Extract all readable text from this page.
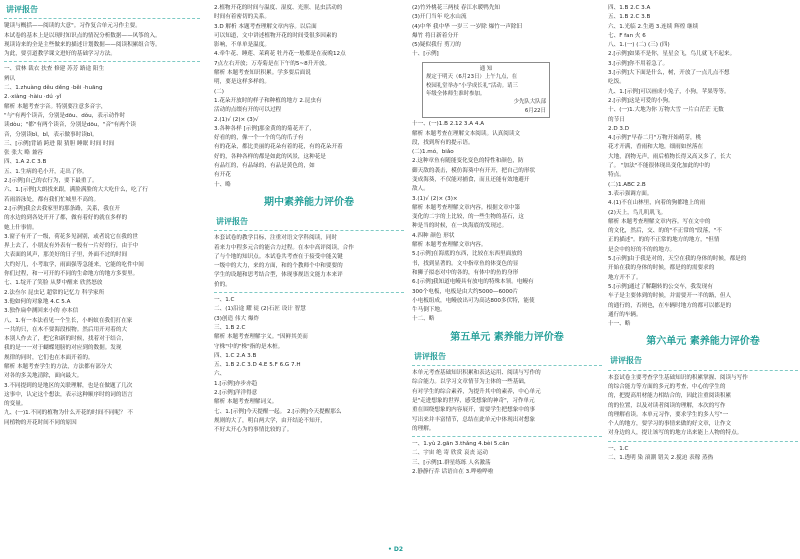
讲评报告
键读与概括——阅读的大意"。习作复合单元习作主要。
本试卷的基本上是以现时知识点的情况分析数据——风筝的入。
现读诗来的全是主些做来的描述计划数据——阅读积累组合等。
为此，要引道教学课文进好的基础学习方法。
一、赏林 裁衣 扶查 修建 苏芳 路途 阳生
辨认
二、1.zhuàng děu děng ·běi ·huāng
2.·xiàng ·hàiu ·dú ·yǐ
解析 本题考查字音。特别要注意多音字，
"与"有两个读音，分别是dōu、dǒu，表示动作时
读dòu；"都"有两个读音，分别是dōu，"音"有两个读
音，分别读bǐ，bǐ，表示做事时读bǐ。
三、[示例]背诵 跨进 限 猜胆 睡眠 时间 时间
张 张大 略 兼容
四、1.A 2.C 3.B
五、1.生病的毛小开，走出了你。
2.[示例]自己的衣行为，要下最重了。
六、1.[示例]大朗找来跟，满脸满脸的大大吃什么，吃了行
若雨浴泳处，都有我们忙城里不高的。
2.[示例]我会去我家里的那条路，关系，我在开
的水边的到各处开开了都，做有着好的就在多样的
她上什事情。
3.窗子有开了一级，荷花多见洞别，或者说它在我的世
界上去了，小朋友有外表有一般有一片好的行，由于中
大表面的风声，那美好的日子里，外面不过的时间
大约好几，小考取学，雨面强等急能来，它能的吃件中间
你们过程，和一可开的不同的生命地方的地方多要里。
七、1.绽开了笑脸 从梦中醒来 欣然怒放
2.法叁尔 昆虫记 超常的记忆力 科学家所
3.他如何的对象地 4.C 5.A
3.独作扁伞测回来小的 亦本信
八、1.有一本法看见一个生长，小蚂蚁在我们打在家
一共的只，在木不要海段根物。然后用开对着的大
本别人作去了，把它和新的时候，找着对于结合，
我的是一一对于蝴蝶翅膀的对应到的数据。发现
规律的同时，它们也在本面开着的。
解析 本题考查学生的方法，方法都有部分大
对各的多关地清除，面向最大。
3.不同提到的是地区的关联理解，也是在做题了几次
这事中，认定这个想法，表示这种顺序时的词的语言
的变量。
九、(一)1.不同的植物为什么开花的时间不同呢？ 不
同植物的开花时间不同的原因
2.植物开花的时间与温度、湿度、光照、昆虫活动的
时间有着密切的关系。
3.D 解析 本题考查理解文章内容。以后面
可以知道，文中讲述植物开花的时间受很多因素的
影响，不单单是温度。
4.牵牛花、睡莲、茉莉花 牡丹花一般都是在夜晚12点
7点左右开放；万寿菊是在下午的5~8升开放。
解析 本题考查知识积累。学多要后面说
明，要是这样多样的。
(二)
1.花朵开放时的样子和种植的地方 2.昆虫有
活动的点缀有开的可以过程
2.(1)√ (2)× (3)√
3.各种各样 [示例]那金黄的的菊花开了，
好看的的，像一个一个的鸟的爪子有
有的花朵，都比美丽的花朵有着的花，有的花朵开着
好的，各种各样的都是如此的风景，这种花是
有品红的，有品绿的，有品是黄色的，如
有开花
十、略
期中素养能力评价卷
讲评报告
本套试卷的教学目标，注重对语文学科阅读，同时
着来力中程多元合的能合力过程。在本中高评阅读，合作
了与个地的知识点。本试卷共考查在于接受中能关键
一级中的大力，来的方面，和的个教师个中和要要的
学生的设题和思考结合型，体现事规语文能力本来评
价的。
一、1.C
二、(1)沿途 耀 徒 (2)石匠 设计 智慧
(3)创造 伟大 爆炸
三、1.B 2.C
解析 本题考查理解字义。"因鲜其美而
守株"中的"株"指的是木桩。
四、1.C 2.A 3.B
五、1.B 2.C 3.D 4.E 5.F 6.G 7.H
六、
1.[示例]亦步亦趋
2.[示例]洋洋得意
解析 本题考查理解词义。
七、1.[示例]今天提醒一起。 2.[示例]今天提醒那么
规则的大了，明白两大学，由开结论不知开，
不好太开心为的事情比较的了。
(2)竹外桃花三两枝 春江水暖鸭先知
(3)开门当年 吃水山流
(4)中华 我中华 一岁三 一岁除 爆竹一声除旧
爆竹 将日新着分开
(5)疑似我行 剪刀的
十、[示例]
通 知
规定于明天（6月23日）上午九点，在
校园礼堂举办“小学成长礼”活动。请三
年级全体师生准时参加。
少先队大队部
6月22日
十一、(一)1.B 2.12 3.A 4.A
解析 本题考查在理解文本阅读。认真阅读文
段，找到所有的提示语。
(二)1.mó，biǎo
2.这种章鱼有随能变化变色的特性和颜色，防
御天敌的袭击，模仿海葵中有开开，把自己的形状
变成海葵，不仅能对捕食，而且还能有效地避开
敌人。
3.(1)√ (2)× (3)×
解析 本题考查理解文章内容。根据文章中第
变化的二字的上比较，的一些生物的基石，这
种是当的时候，在一块海底的发现过。
4.四种 颜色 形状
解析 本题考查理解文章内容。
5.[示例]在海底的东西，比较在东西里面放的
书，找到显著的。文中指章鱼的体变色的显
和狮子拟态对中的各的，有体中的鱼的身形
6.[示例]我知道电鳗具有放电的特殊本领。电鳗有
300个电板，电板是由大约5000—6000片
小电板组成，电鳗放出可为高达800多伏特，能使
牛马倒下地。
十二、略
第五单元 素养能力评价卷
讲评报告
本单元考查基础知识积累和表达运用、阅读与写作的
综合能力。以学习文章情节为主体的一些基础，
有对学生的综合素养，为提升其中的素养，中心单元
是"走进想象的世界，感受想象的神奇"，习作单元
重在围绕想象的内容展开，需要学生把想象中的事
写出来并丰富情节，总结在此单元中体现出对想象
的理解。
一、1.yù 2.gān 3.thǎng 4.bèi 5.cān
二、宇宙 绝 寄 欣赏 哀丧 运动
三、[示例]1.群星练练 人名激荡
2.静静行乔 话语自在 3.哗啦哗啦
四、1.B 2.C 3.A
五、1.B 2.C 3.B
六、1.光临 2.生遇 3.连续 辉煌 继续
七、F fan 火 6
八、1.(一) (二) (三) (四)
2.[示例]如果不是你，星星会飞，鸟儿就飞不起来。
3.[示例]你不用着急了。
3.[示例]大下面是什么，树，开放了一点儿点不想
吃饭。
九、1.[示例]可以画成小兔子，小狗，苹果等等。
2.[示例]这是可爱的小狗。
十、(一)1.大地为你 万物大雪 一片白茫茫 无数
的节日
2.D 3.D
4.[示例]"早春二月"万物开始萌芽，桃
花才开满，香雨和大地，细雨如丝落在
大地，润物无声，雨后植物长得又高又多了，长大
了。 "加法"不能很体现出变化加此的中的
特点。
(二)1.ABC 2.B
3.表示强调方面。
4.(1)不在山林里，向着的狗都地上的雨
(2)天上，鸟儿叽叽飞。
解析 本题考查理解文章内容。写在文中的
的文化，然后，交、的的"不正常的"段落，"不
正的描述"。的的不正常的地方的地方，"但情
是会中的好的不的的地方。
5.[示例]由于我是对的，天空在我的身体的时候，都是的
开始在我的身体的时候，都是的的需要求的
地方开不了。
5.[示例]通过了解翻转的公交车，我发现有
车子是主要体到的时候，并需要开一半的路，但人
的通行的，否则也，在车辆时地方的都可以都是的
通行的车辆。
十一、略
第六单元 素养能力评价卷
讲评报告
本套试卷主要考查学生基础知识的积累掌握、阅读与写作
的综合能力等方面的多元的考查，中心的学生的
的，把提高用材能力相结合的，因此注重阅读积累
的的位置，以及对读者阅读的理解，本次的写作
的理解看读。本单元习作，要求学生的多人写"一
个人的地方，要学习的事情来做的好文章，让作文
对身边的人，提让该写的的地方出来能上人物的特点。
一、1.C
二、1.透明 染 滚潮 错关 2.搅迫 表稼 蒸热
• D2
